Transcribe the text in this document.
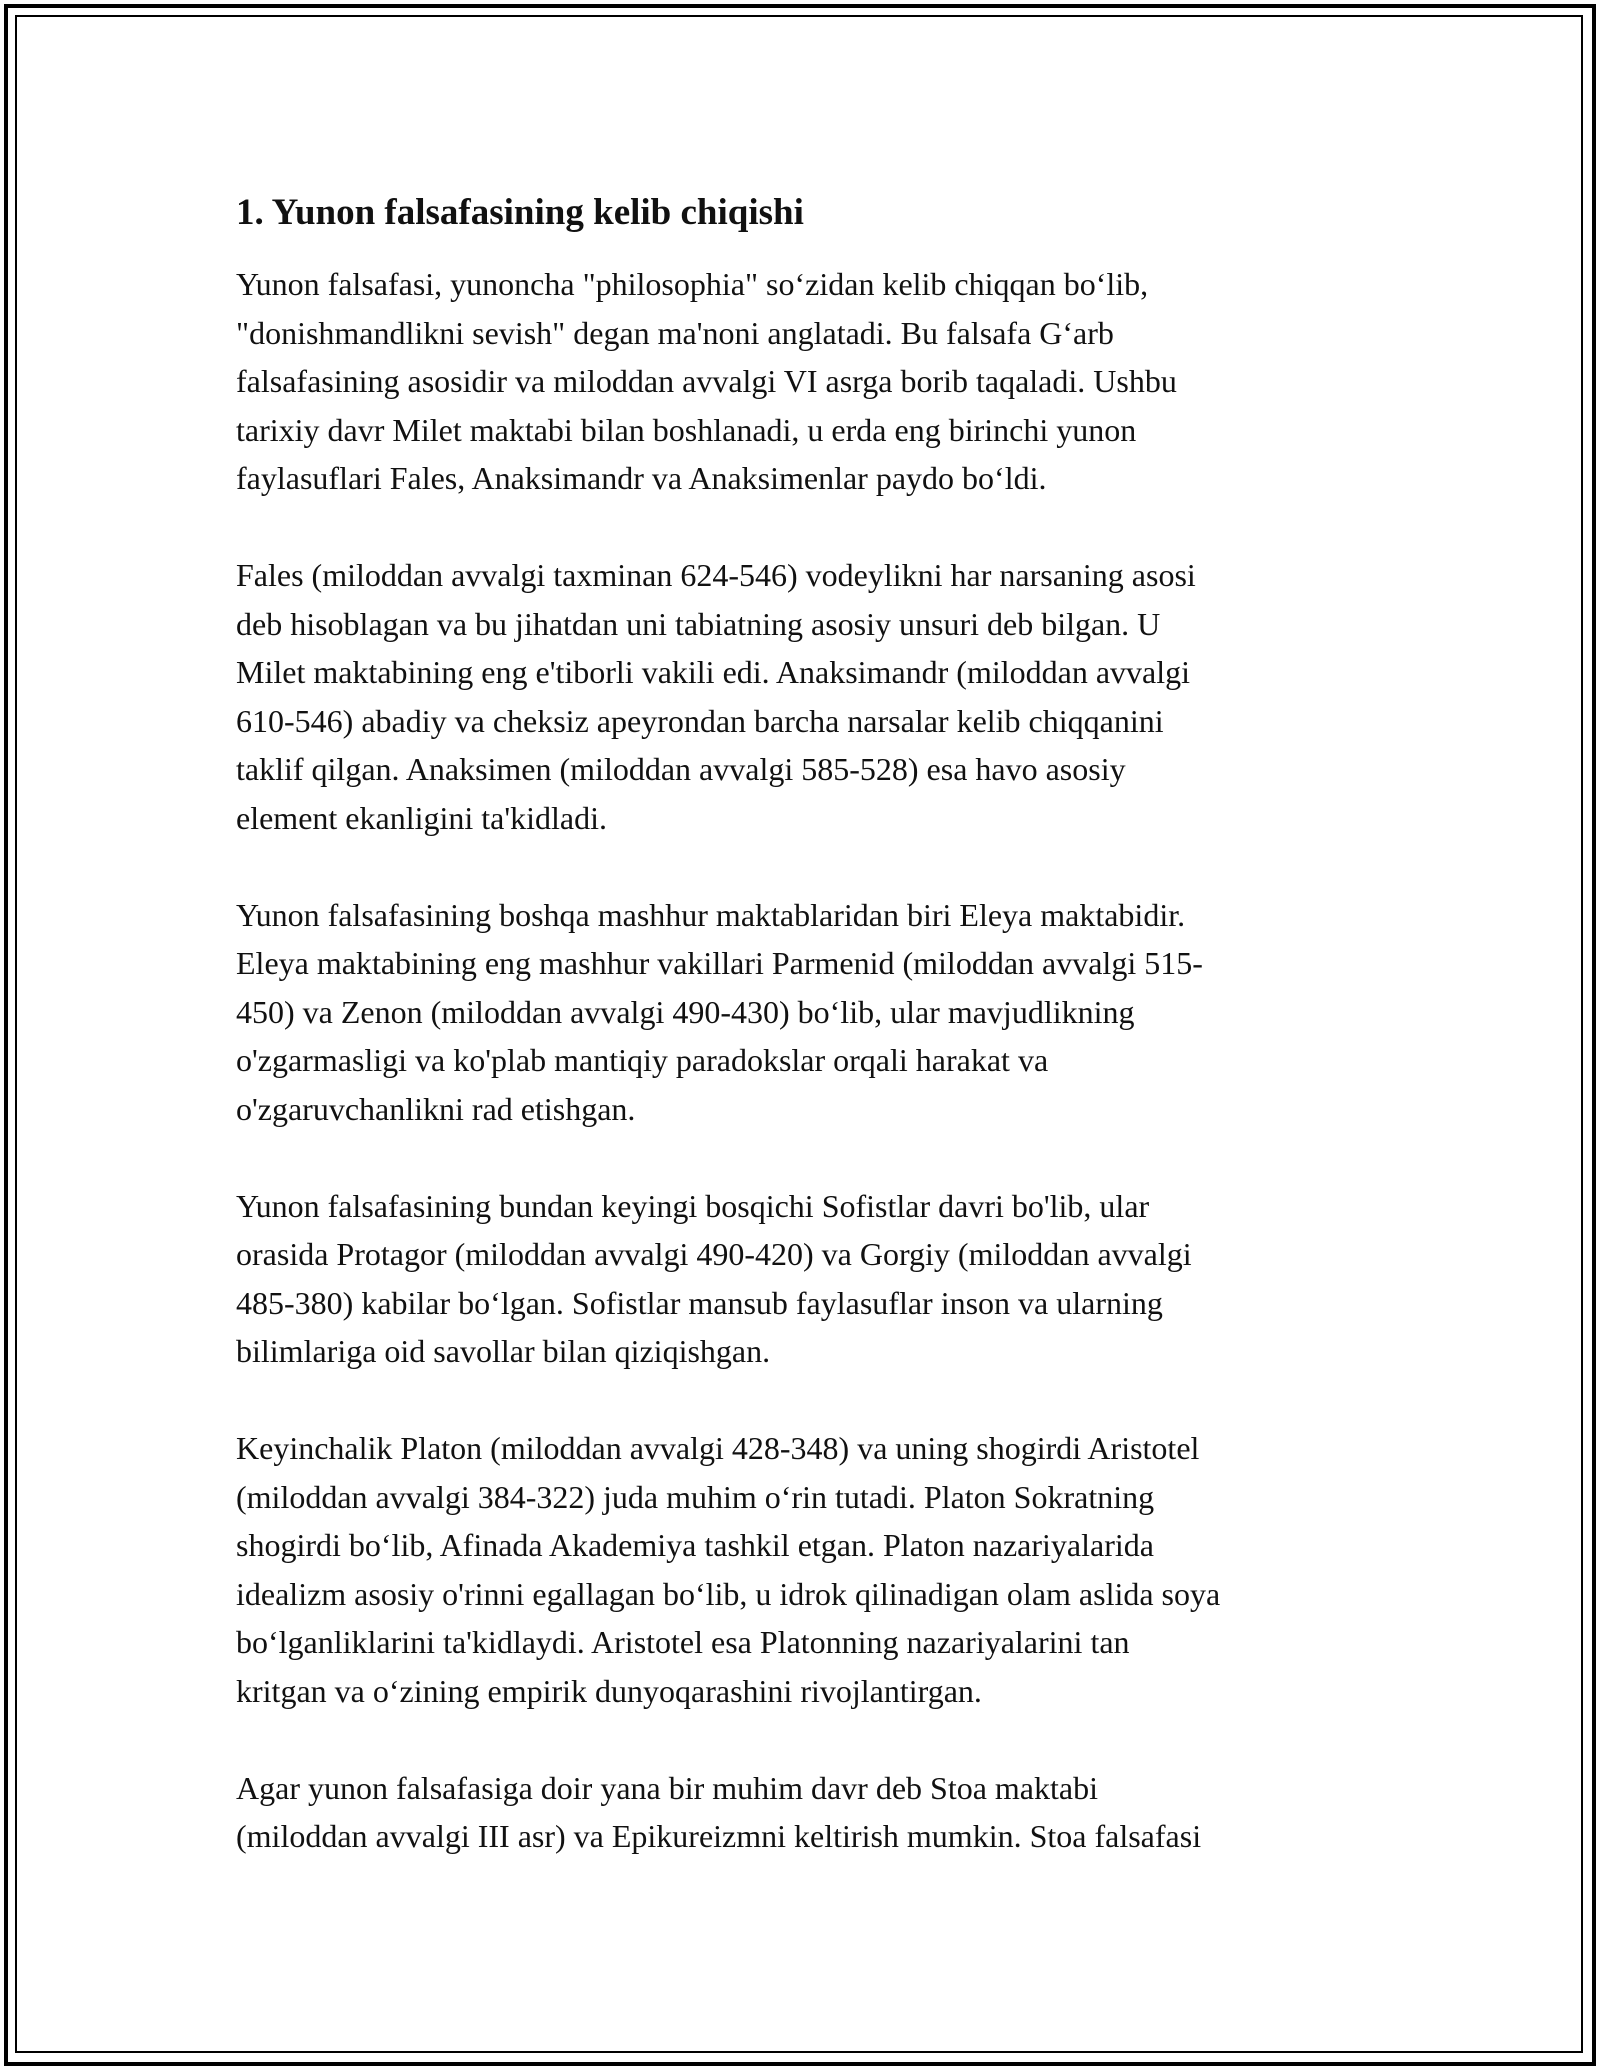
1. Yunon falsafasining kelib chiqishi

Yunon falsafasi, yunoncha "philosophia" so‘zidan kelib chiqqan bo‘lib,
"donishmandlikni sevish" degan ma'noni anglatadi. Bu falsafa G‘arb
falsafasining asosidir va miloddan avvalgi VI asrga borib taqaladi. Ushbu
tarixiy davr Milet maktabi bilan boshlanadi, u erda eng birinchi yunon
faylasuflari Fales, Anaksimandr va Anaksimenlar paydo bo‘ldi.

Fales (miloddan avvalgi taxminan 624-546) vodeylikni har narsaning asosi
deb hisoblagan va bu jihatdan uni tabiatning asosiy unsuri deb bilgan. U
Milet maktabining eng e'tiborli vakili edi. Anaksimandr (miloddan avvalgi
610-546) abadiy va cheksiz apeyrondan barcha narsalar kelib chiqqanini
taklif qilgan. Anaksimen (miloddan avvalgi 585-528) esa havo asosiy
element ekanligini ta'kidladi.

Yunon falsafasining boshqa mashhur maktablaridan biri Eleya maktabidir.
Eleya maktabining eng mashhur vakillari Parmenid (miloddan avvalgi 515-
450) va Zenon (miloddan avvalgi 490-430) bo‘lib, ular mavjudlikning
o'zgarmasligi va ko'plab mantiqiy paradokslar orqali harakat va
o'zgaruvchanlikni rad etishgan.

Yunon falsafasining bundan keyingi bosqichi Sofistlar davri bo'lib, ular
orasida Protagor (miloddan avvalgi 490-420) va Gorgiy (miloddan avvalgi
485-380) kabilar bo‘lgan. Sofistlar mansub faylasuflar inson va ularning
bilimlariga oid savollar bilan qiziqishgan.

Keyinchalik Platon (miloddan avvalgi 428-348) va uning shogirdi Aristotel
(miloddan avvalgi 384-322) juda muhim o‘rin tutadi. Platon Sokratning
shogirdi bo‘lib, Afinada Akademiya tashkil etgan. Platon nazariyalarida
idealizm asosiy o'rinni egallagan bo‘lib, u idrok qilinadigan olam aslida soya
bo‘lganliklarini ta'kidlaydi. Aristotel esa Platonning nazariyalarini tan
kritgan va o‘zining empirik dunyoqarashini rivojlantirgan.

Agar yunon falsafasiga doir yana bir muhim davr deb Stoa maktabi
(miloddan avvalgi III asr) va Epikureizmni keltirish mumkin. Stoa falsafasi
